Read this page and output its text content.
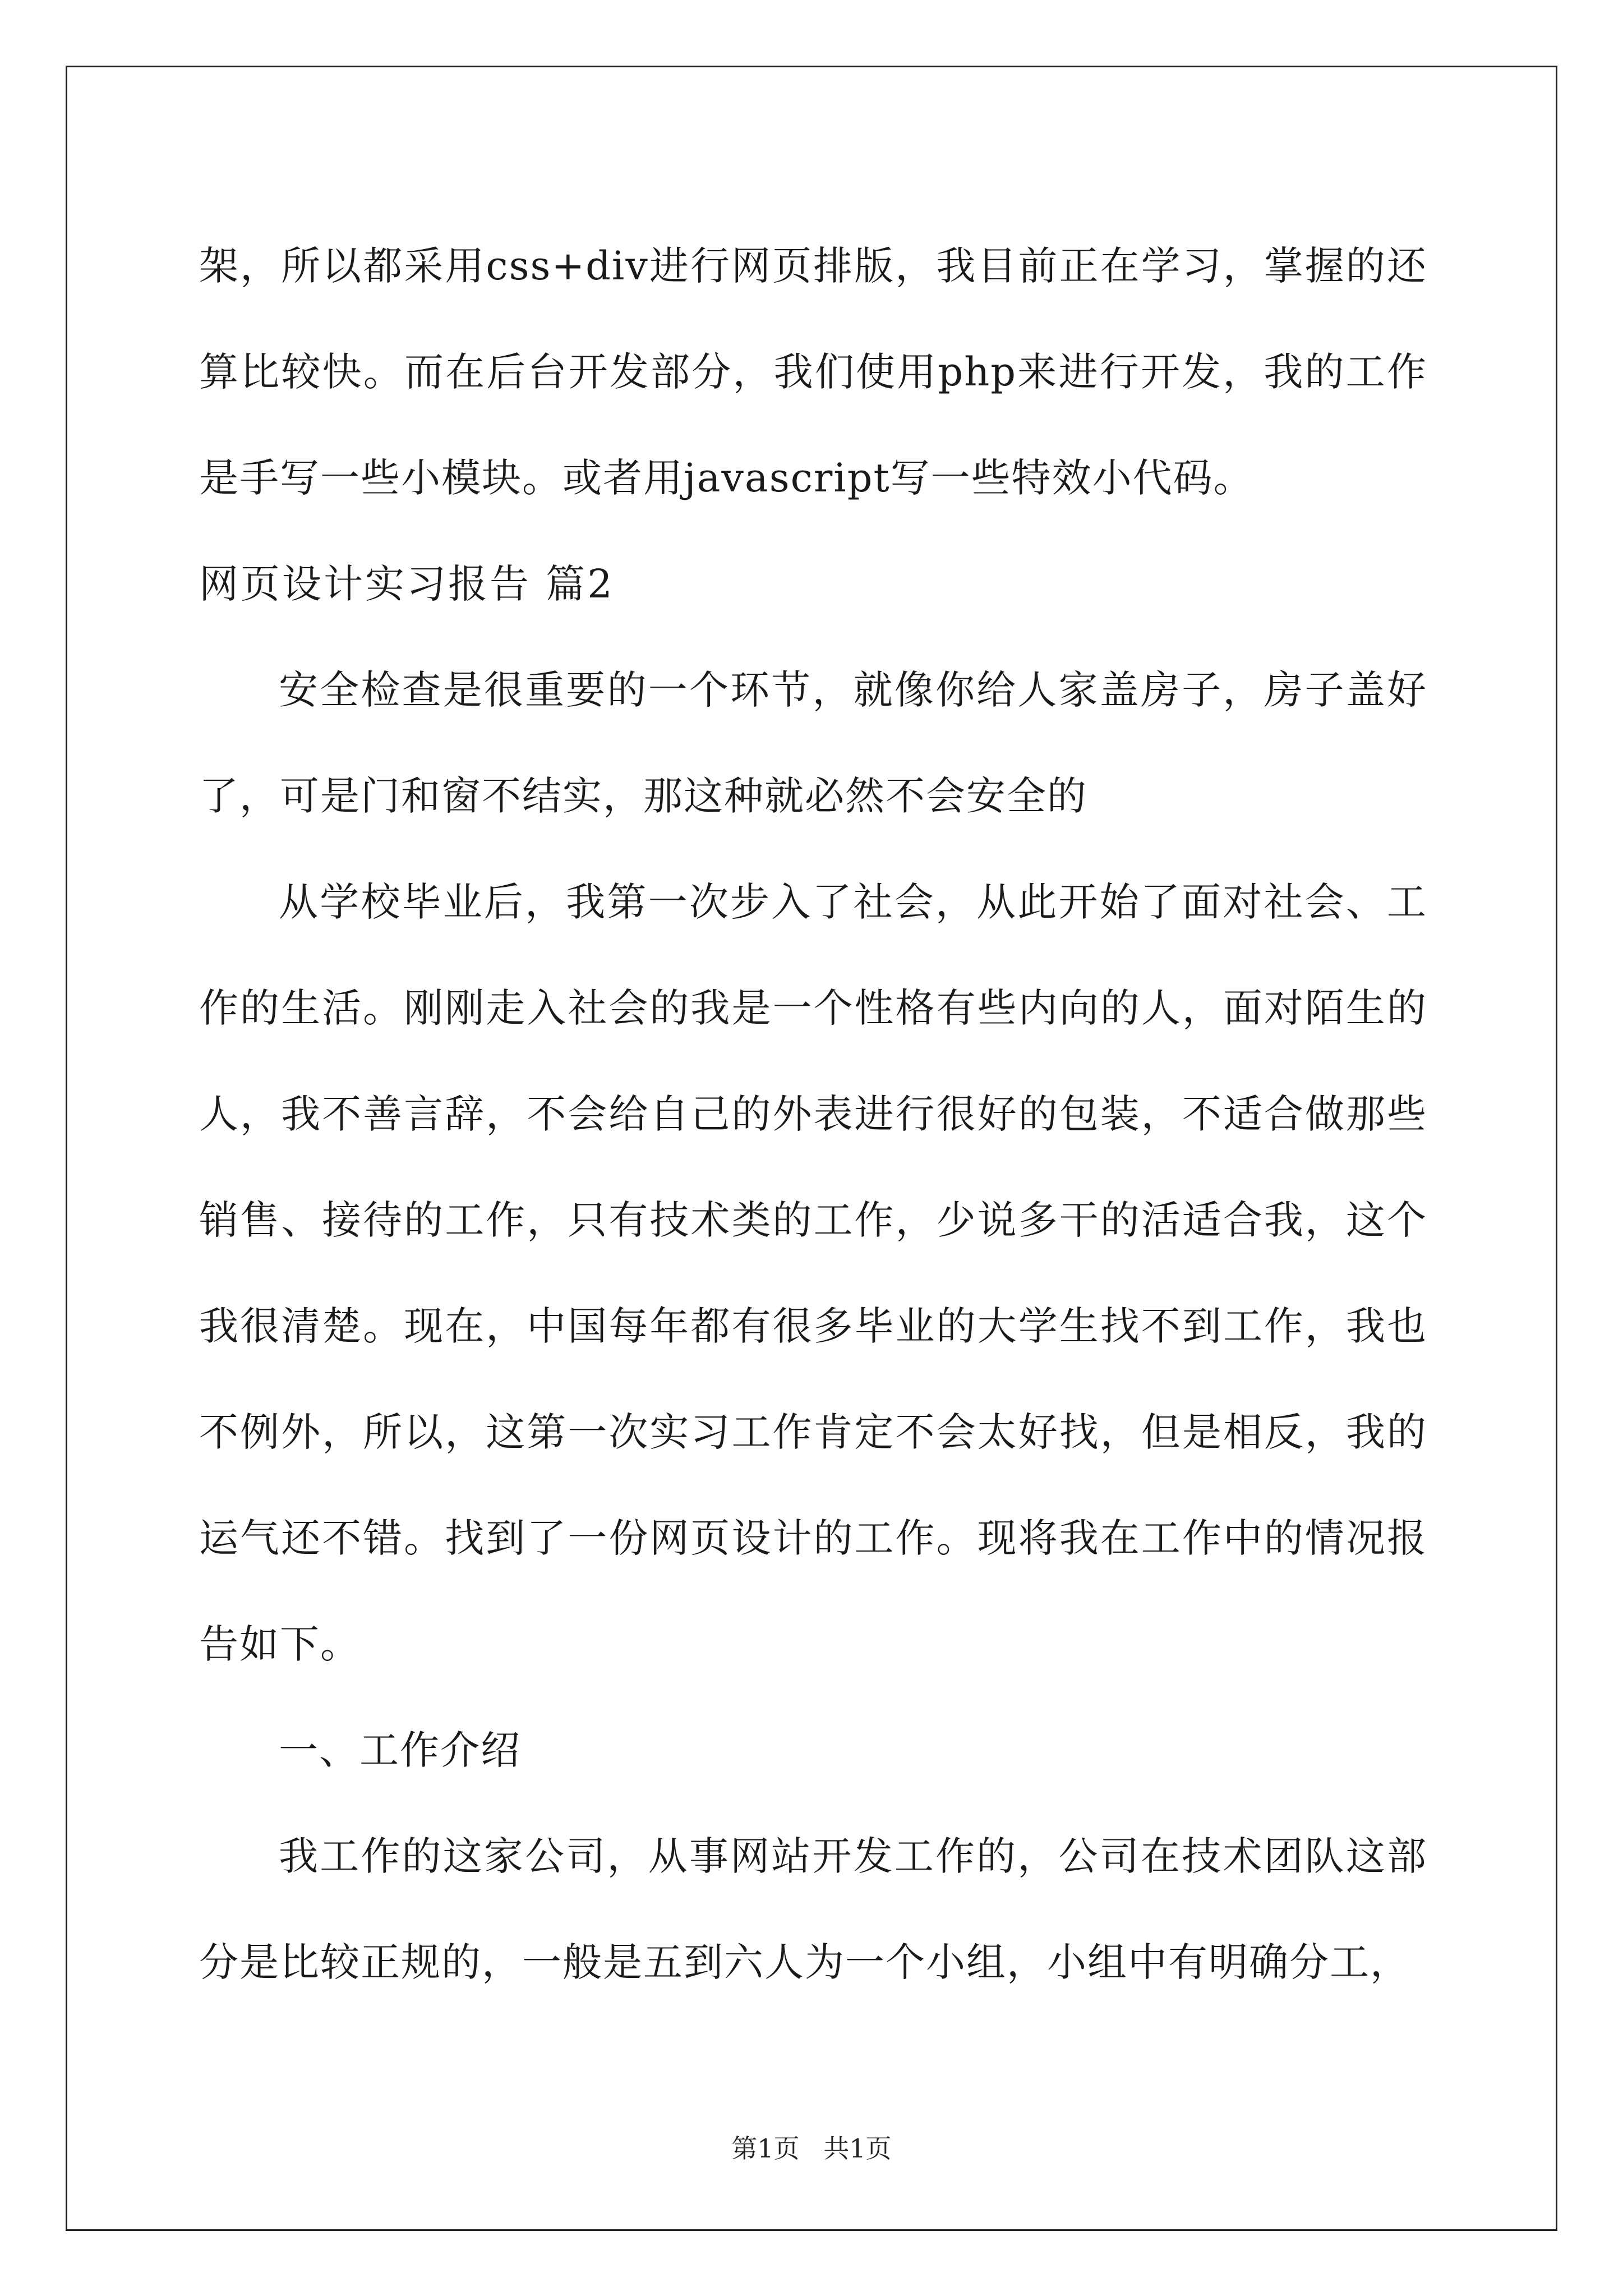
架，所以都采用css+div进行网页排版，我目前正在学习，掌握的还算比较快。而在后台开发部分，我们使用php来进行开发，我的工作是手写一些小模块。或者用javascript写一些特效小代码。

网页设计实习报告 篇2

安全检查是很重要的一个环节，就像你给人家盖房子，房子盖好了，可是门和窗不结实，那这种就必然不会安全的

从学校毕业后，我第一次步入了社会，从此开始了面对社会、工作的生活。刚刚走入社会的我是一个性格有些内向的人，面对陌生的人，我不善言辞，不会给自己的外表进行很好的包装，不适合做那些销售、接待的工作，只有技术类的工作，少说多干的活适合我，这个我很清楚。现在，中国每年都有很多毕业的大学生找不到工作，我也不例外，所以，这第一次实习工作肯定不会太好找，但是相反，我的运气还不错。找到了一份网页设计的工作。现将我在工作中的情况报告如下。

一、工作介绍

我工作的这家公司，从事网站开发工作的，公司在技术团队这部分是比较正规的，一般是五到六人为一个小组，小组中有明确分工，

第1页 共1页
